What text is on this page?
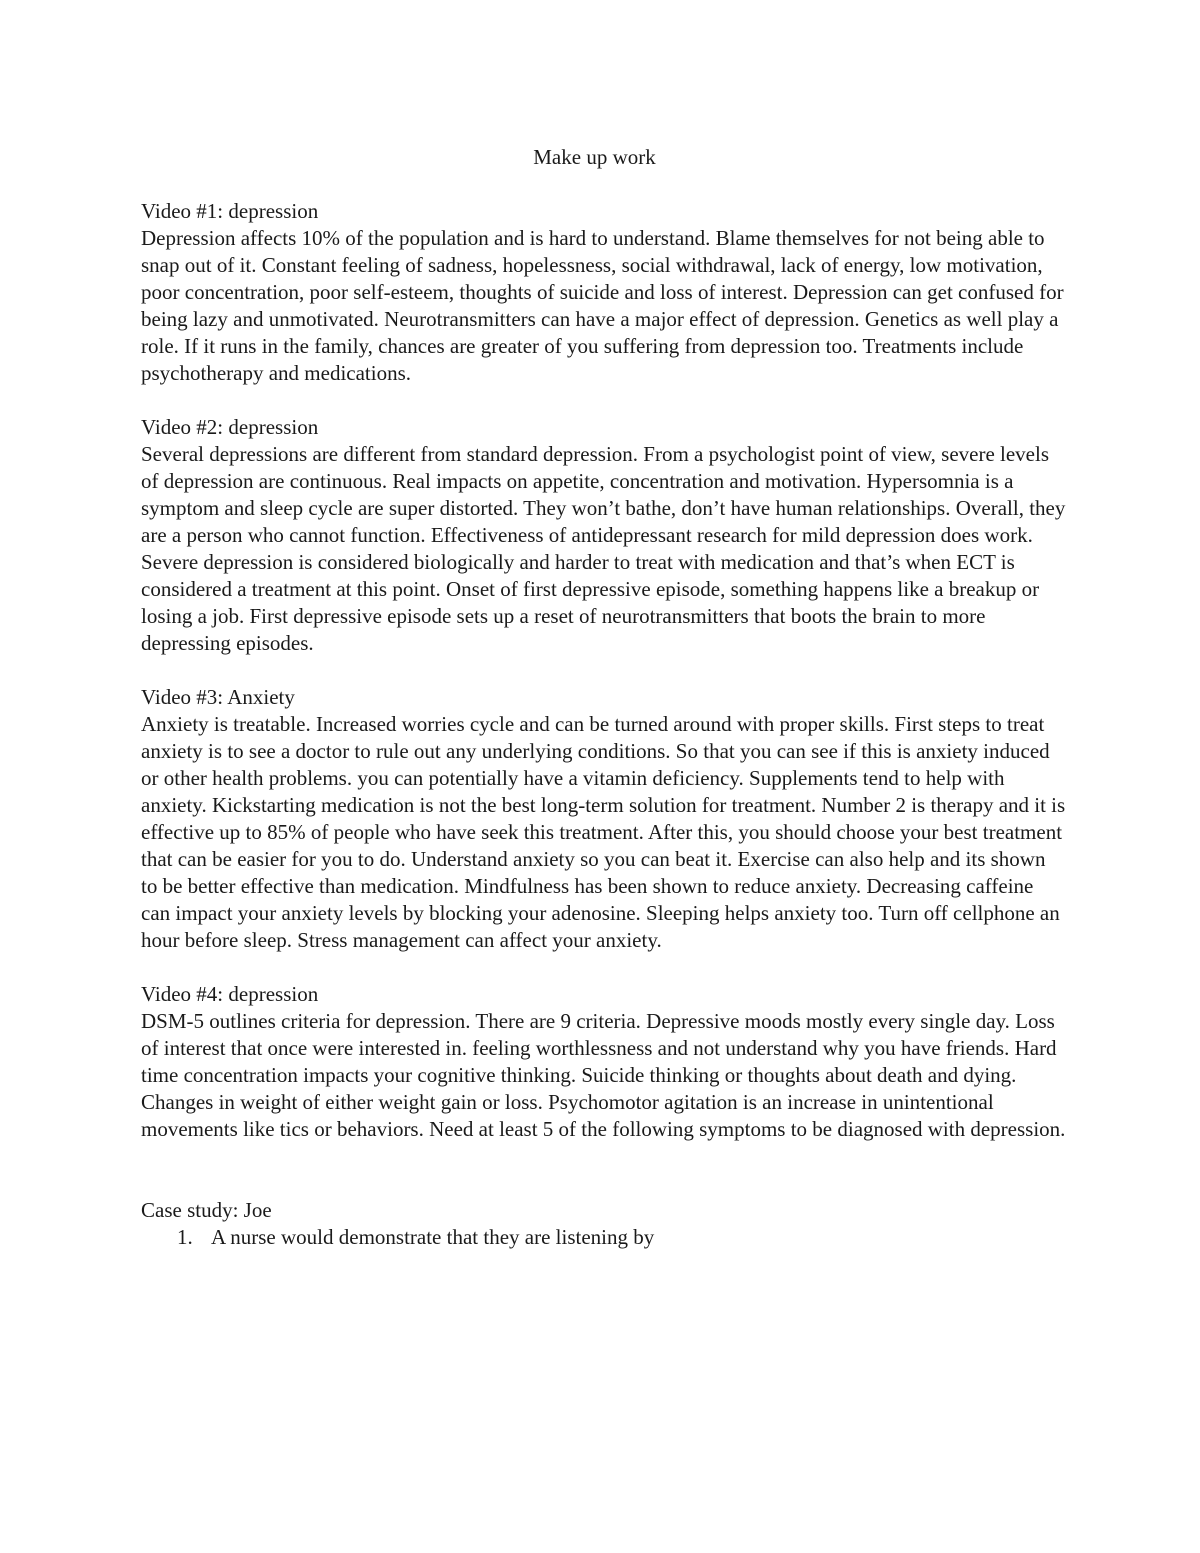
Make up work
Video #1: depression
Depression affects 10% of the population and is hard to understand. Blame themselves for not being able to snap out of it. Constant feeling of sadness, hopelessness, social withdrawal, lack of energy, low motivation, poor concentration, poor self-esteem, thoughts of suicide and loss of interest. Depression can get confused for being lazy and unmotivated. Neurotransmitters can have a major effect of depression. Genetics as well play a role. If it runs in the family, chances are greater of you suffering from depression too. Treatments include psychotherapy and medications.
Video #2: depression
Several depressions are different from standard depression. From a psychologist point of view, severe levels of depression are continuous. Real impacts on appetite, concentration and motivation. Hypersomnia is a symptom and sleep cycle are super distorted. They won’t bathe, don’t have human relationships. Overall, they are a person who cannot function. Effectiveness of antidepressant research for mild depression does work. Severe depression is considered biologically and harder to treat with medication and that’s when ECT is considered a treatment at this point. Onset of first depressive episode, something happens like a breakup or losing a job. First depressive episode sets up a reset of neurotransmitters that boots the brain to more depressing episodes.
Video #3: Anxiety
Anxiety is treatable. Increased worries cycle and can be turned around with proper skills. First steps to treat anxiety is to see a doctor to rule out any underlying conditions. So that you can see if this is anxiety induced or other health problems. you can potentially have a vitamin deficiency. Supplements tend to help with anxiety. Kickstarting medication is not the best long-term solution for treatment. Number 2 is therapy and it is effective up to 85% of people who have seek this treatment. After this, you should choose your best treatment that can be easier for you to do. Understand anxiety so you can beat it. Exercise can also help and its shown to be better effective than medication. Mindfulness has been shown to reduce anxiety. Decreasing caffeine can impact your anxiety levels by blocking your adenosine. Sleeping helps anxiety too. Turn off cellphone an hour before sleep. Stress management can affect your anxiety.
Video #4: depression
DSM-5 outlines criteria for depression. There are 9 criteria. Depressive moods mostly every single day. Loss of interest that once were interested in. feeling worthlessness and not understand why you have friends. Hard time concentration impacts your cognitive thinking. Suicide thinking or thoughts about death and dying. Changes in weight of either weight gain or loss. Psychomotor agitation is an increase in unintentional movements like tics or behaviors. Need at least 5 of the following symptoms to be diagnosed with depression.
Case study: Joe
1. A nurse would demonstrate that they are listening by
